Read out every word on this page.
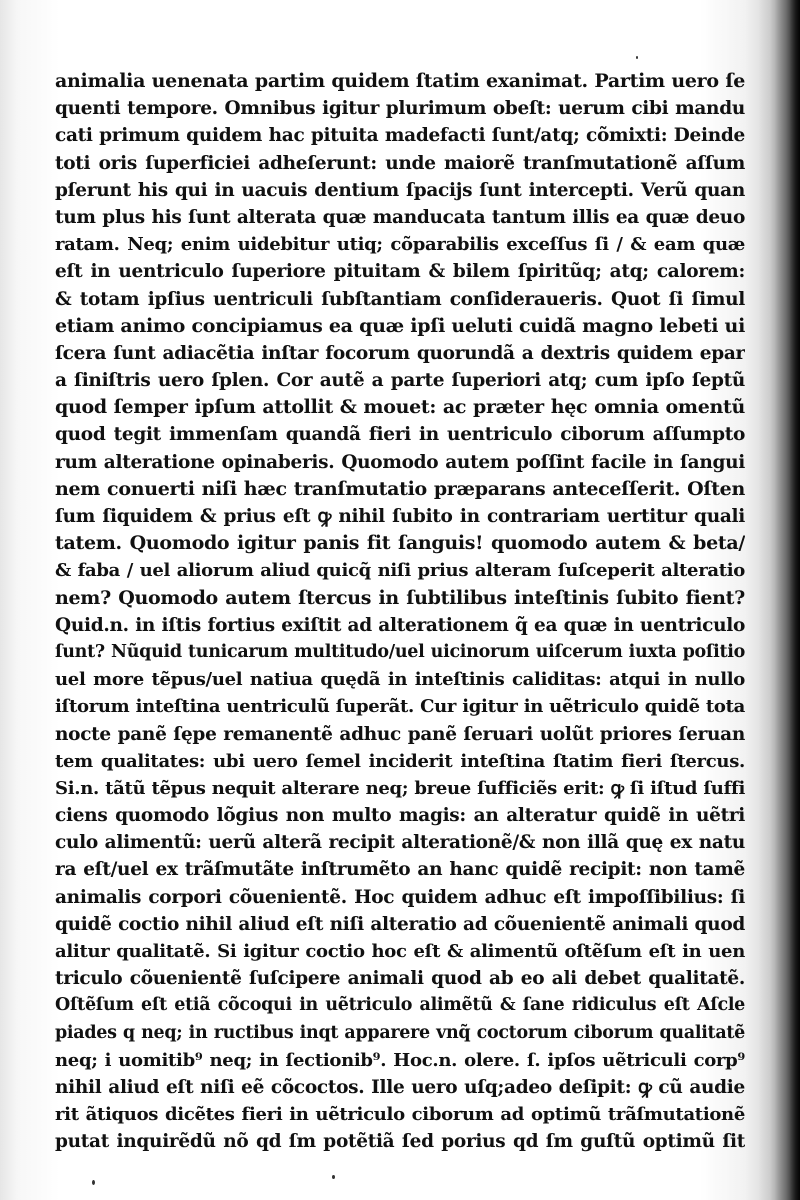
animalia uenenata partim quidem ſtatim exanimat. Partim uero ſe
quenti tempore. Omnibus igitur plurimum obeſt: uerum cibi mandu
cati primum quidem hac pituita madefacti ſunt/atq; cõmixti: Deinde
toti oris ſuperficiei adheſerunt: unde maiorẽ tranſmutationẽ aſſum
pſerunt his qui in uacuis dentium ſpacijs ſunt intercepti. Verũ quan
tum plus his ſunt alterata quæ manducata tantum illis ea quæ deuo
ratam. Neq; enim uidebitur utiq; cõparabilis exceſſus ſi / & eam quæ
eſt in uentriculo ſuperiore pituitam & bilem ſpiritũq; atq; calorem:
& totam ipſius uentriculi ſubſtantiam conſideraueris. Quot ſi ſimul
etiam animo concipiamus ea quæ ipſi ueluti cuidã magno lebeti ui
ſcera ſunt adiacẽtia inſtar focorum quorundã a dextris quidem epar
a ſiniſtris uero ſplen. Cor autẽ a parte ſuperiori atq; cum ipſo ſeptũ
quod ſemper ipſum attollit & mouet: ac præter hęc omnia omentũ
quod tegit immenſam quandã fieri in uentriculo ciborum aſſumpto
rum alteratione opinaberis. Quomodo autem poſſint facile in ſangui
nem conuerti niſi hæc tranſmutatio præparans anteceſſerit. Oſten
ſum ſiquidem & prius eſt ꝙ nihil ſubito in contrariam uertitur quali
tatem. Quomodo igitur panis fit ſanguis! quomodo autem & beta/
& faba / uel aliorum aliud quicq̃ niſi prius alteram ſuſceperit alteratio
nem? Quomodo autem ſtercus in ſubtilibus inteſtinis ſubito fient?
Quid.n. in iſtis fortius exiſtit ad alterationem q̃ ea quæ in uentriculo
ſunt? Nũquid tunicarum multitudo/uel uicinorum uiſcerum iuxta poſitio
uel more tẽpus/uel natiua quędã in inteſtinis caliditas: atqui in nullo
iſtorum inteſtina uentriculũ ſuperãt. Cur igitur in uẽtriculo quidẽ tota
nocte panẽ ſępe remanentẽ adhuc panẽ ſeruari uolũt priores ſeruan
tem qualitates: ubi uero ſemel inciderit inteſtina ſtatim fieri ſtercus.
Si.n. tãtũ tẽpus nequit alterare neq; breue ſufficiẽs erit: ꝙ ſi iſtud ſuffi
ciens quomodo lõgius non multo magis: an alteratur quidẽ in uẽtri
culo alimentũ: uerũ alterã recipit alterationẽ/& non illã quę ex natu
ra eſt/uel ex trãſmutãte inſtrumẽto an hanc quidẽ recipit: non tamẽ
animalis corpori cõuenientẽ. Hoc quidem adhuc eſt impoſſibilius: ſi
quidẽ coctio nihil aliud eſt niſi alteratio ad cõuenientẽ animali quod
alitur qualitatẽ. Si igitur coctio hoc eſt & alimentũ oſtẽſum eſt in uen
triculo cõuenientẽ ſuſcipere animali quod ab eo ali debet qualitatẽ.
Oſtẽſum eſt etiã cõcoqui in uẽtriculo alimẽtũ & ſane ridiculus eſt Aſcle
piades q neq; in ructibus inqt apparere vnq̃ coctorum ciborum qualitatẽ
neq; i uomitib⁹ neq; in ſectionib⁹. Hoc.n. olere. ſ. ipſos uẽtriculi corp⁹
nihil aliud eſt niſi eẽ cõcoctos. Ille uero uſq;adeo deſipit: ꝙ cũ audie
rit ãtiquos dicẽtes fieri in uẽtriculo ciborum ad optimũ trãſmutationẽ
putat inquirẽdũ nõ qd ſm potẽtiã ſed porius qd ſm guſtũ optimũ ſit
